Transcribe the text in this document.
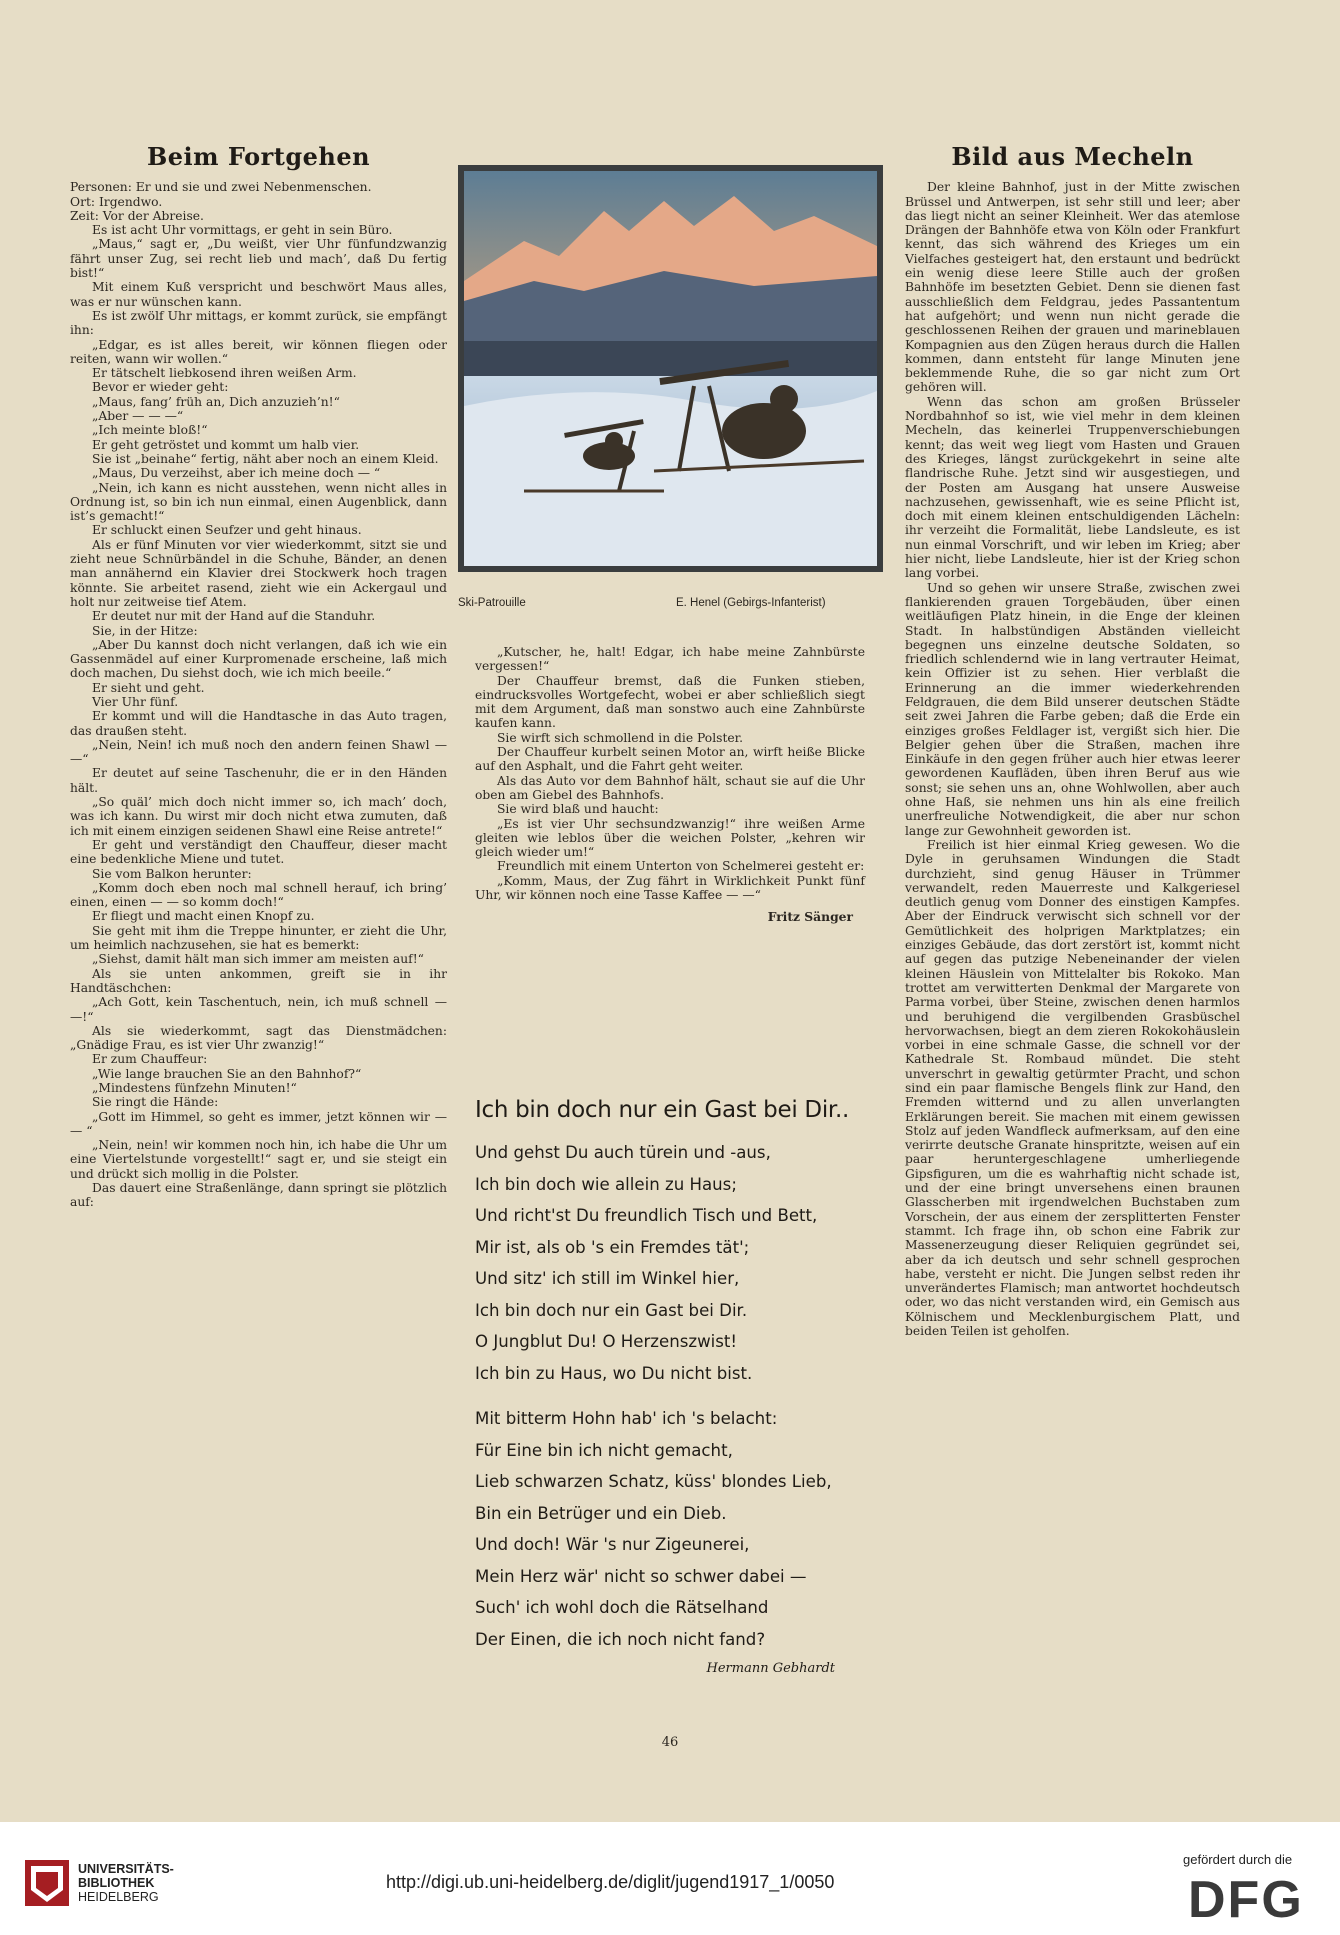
Beim Fortgehen

Personen: Er und sie und zwei Nebenmenschen.

Ort: Irgendwo.

Zeit: Vor der Abreise.

Es ist acht Uhr vormittags, er geht in sein Büro.

„Maus,“ sagt er, „Du weißt, vier Uhr fünfundzwanzig fährt unser Zug, sei recht lieb und mach’, daß Du fertig bist!“

Mit einem Kuß verspricht und beschwört Maus alles, was er nur wünschen kann.

Es ist zwölf Uhr mittags, er kommt zurück, sie empfängt ihn:

„Edgar, es ist alles bereit, wir können fliegen oder reiten, wann wir wollen.“

Er tätschelt liebkosend ihren weißen Arm.

Bevor er wieder geht:

„Maus, fang’ früh an, Dich anzuzieh’n!“

„Aber — — —“

„Ich meinte bloß!“

Er geht getröstet und kommt um halb vier.

Sie ist „beinahe“ fertig, näht aber noch an einem Kleid.

„Maus, Du verzeihst, aber ich meine doch — “

„Nein, ich kann es nicht ausstehen, wenn nicht alles in Ordnung ist, so bin ich nun einmal, einen Augenblick, dann ist’s gemacht!“

Er schluckt einen Seufzer und geht hinaus.

Als er fünf Minuten vor vier wiederkommt, sitzt sie und zieht neue Schnürbändel in die Schuhe, Bänder, an denen man annähernd ein Klavier drei Stockwerk hoch tragen könnte. Sie arbeitet rasend, zieht wie ein Ackergaul und holt nur zeitweise tief Atem.

Er deutet nur mit der Hand auf die Standuhr.

Sie, in der Hitze:

„Aber Du kannst doch nicht verlangen, daß ich wie ein Gassenmädel auf einer Kurpromenade erscheine, laß mich doch machen, Du siehst doch, wie ich mich beeile.“

Er sieht und geht.

Vier Uhr fünf.

Er kommt und will die Handtasche in das Auto tragen, das draußen steht.

„Nein, Nein! ich muß noch den andern feinen Shawl — —“

Er deutet auf seine Taschenuhr, die er in den Händen hält.

„So quäl’ mich doch nicht immer so, ich mach’ doch, was ich kann. Du wirst mir doch nicht etwa zumuten, daß ich mit einem einzigen seidenen Shawl eine Reise antrete!“

Er geht und verständigt den Chauffeur, dieser macht eine bedenkliche Miene und tutet.

Sie vom Balkon herunter:

„Komm doch eben noch mal schnell herauf, ich bring’ einen, einen — — so komm doch!“

Er fliegt und macht einen Knopf zu.

Sie geht mit ihm die Treppe hinunter, er zieht die Uhr, um heimlich nachzusehen, sie hat es bemerkt:

„Siehst, damit hält man sich immer am meisten auf!“

Als sie unten ankommen, greift sie in ihr Handtäschchen:

„Ach Gott, kein Taschentuch, nein, ich muß schnell — —!“

Als sie wiederkommt, sagt das Dienstmädchen: „Gnädige Frau, es ist vier Uhr zwanzig!“

Er zum Chauffeur:

„Wie lange brauchen Sie an den Bahnhof?“

„Mindestens fünfzehn Minuten!“

Sie ringt die Hände:

„Gott im Himmel, so geht es immer, jetzt können wir — — “

„Nein, nein! wir kommen noch hin, ich habe die Uhr um eine Viertelstunde vorgestellt!“ sagt er, und sie steigt ein und drückt sich mollig in die Polster.

Das dauert eine Straßenlänge, dann springt sie plötzlich auf:

Ski-Patrouille	E. Henel (Gebirgs-Infanterist)

„Kutscher, he, halt! Edgar, ich habe meine Zahnbürste vergessen!“

Der Chauffeur bremst, daß die Funken stieben, eindrucksvolles Wortgefecht, wobei er aber schließlich siegt mit dem Argument, daß man sonstwo auch eine Zahnbürste kaufen kann.

Sie wirft sich schmollend in die Polster.

Der Chauffeur kurbelt seinen Motor an, wirft heiße Blicke auf den Asphalt, und die Fahrt geht weiter.

Als das Auto vor dem Bahnhof hält, schaut sie auf die Uhr oben am Giebel des Bahnhofs.

Sie wird blaß und haucht:

„Es ist vier Uhr sechsundzwanzig!“ ihre weißen Arme gleiten wie leblos über die weichen Polster, „kehren wir gleich wieder um!“

Freundlich mit einem Unterton von Schelmerei gesteht er:

„Komm, Maus, der Zug fährt in Wirklichkeit Punkt fünf Uhr, wir können noch eine Tasse Kaffee — —“

Fritz Sänger
Ich bin doch nur ein Gast bei Dir..
Und gehst Du auch türein und -aus,
Ich bin doch wie allein zu Haus;
Und richt'st Du freundlich Tisch und Bett,
Mir ist, als ob 's ein Fremdes tät';
Und sitz' ich still im Winkel hier,
Ich bin doch nur ein Gast bei Dir.
O Jungblut Du! O Herzenszwist!
Ich bin zu Haus, wo Du nicht bist.
Mit bitterm Hohn hab' ich 's belacht:
Für Eine bin ich nicht gemacht,
Lieb schwarzen Schatz, küss' blondes Lieb,
Bin ein Betrüger und ein Dieb.
Und doch! Wär 's nur Zigeunerei,
Mein Herz wär' nicht so schwer dabei —
Such' ich wohl doch die Rätselhand
Der Einen, die ich noch nicht fand?
Hermann Gebhardt
Bild aus Mecheln

Der kleine Bahnhof, just in der Mitte zwischen Brüssel und Antwerpen, ist sehr still und leer; aber das liegt nicht an seiner Kleinheit. Wer das atemlose Drängen der Bahnhöfe etwa von Köln oder Frankfurt kennt, das sich während des Krieges um ein Vielfaches gesteigert hat, den erstaunt und bedrückt ein wenig diese leere Stille auch der großen Bahnhöfe im besetzten Gebiet. Denn sie dienen fast ausschließlich dem Feldgrau, jedes Passantentum hat aufgehört; und wenn nun nicht gerade die geschlossenen Reihen der grauen und marineblauen Kompagnien aus den Zügen heraus durch die Hallen kommen, dann entsteht für lange Minuten jene beklemmende Ruhe, die so gar nicht zum Ort gehören will.

Wenn das schon am großen Brüsseler Nordbahnhof so ist, wie viel mehr in dem kleinen Mecheln, das keinerlei Truppenverschiebungen kennt; das weit weg liegt vom Hasten und Grauen des Krieges, längst zurückgekehrt in seine alte flandrische Ruhe. Jetzt sind wir ausgestiegen, und der Posten am Ausgang hat unsere Ausweise nachzusehen, gewissenhaft, wie es seine Pflicht ist, doch mit einem kleinen entschuldigenden Lächeln: ihr verzeiht die Formalität, liebe Landsleute, es ist nun einmal Vorschrift, und wir leben im Krieg; aber hier nicht, liebe Landsleute, hier ist der Krieg schon lang vorbei.

Und so gehen wir unsere Straße, zwischen zwei flankierenden grauen Torgebäuden, über einen weitläufigen Platz hinein, in die Enge der kleinen Stadt. In halbstündigen Abständen vielleicht begegnen uns einzelne deutsche Soldaten, so friedlich schlendernd wie in lang vertrauter Heimat, kein Offizier ist zu sehen. Hier verblaßt die Erinnerung an die immer wiederkehrenden Feldgrauen, die dem Bild unserer deutschen Städte seit zwei Jahren die Farbe geben; daß die Erde ein einziges großes Feldlager ist, vergißt sich hier. Die Belgier gehen über die Straßen, machen ihre Einkäufe in den gegen früher auch hier etwas leerer gewordenen Kaufläden, üben ihren Beruf aus wie sonst; sie sehen uns an, ohne Wohlwollen, aber auch ohne Haß, sie nehmen uns hin als eine freilich unerfreuliche Notwendigkeit, die aber nur schon lange zur Gewohnheit geworden ist.

Freilich ist hier einmal Krieg gewesen. Wo die Dyle in geruhsamen Windungen die Stadt durchzieht, sind genug Häuser in Trümmer verwandelt, reden Mauerreste und Kalkgeriesel deutlich genug vom Donner des einstigen Kampfes. Aber der Eindruck verwischt sich schnell vor der Gemütlichkeit des holprigen Marktplatzes; ein einziges Gebäude, das dort zerstört ist, kommt nicht auf gegen das putzige Nebeneinander der vielen kleinen Häuslein von Mittelalter bis Rokoko. Man trottet am verwitterten Denkmal der Margarete von Parma vorbei, über Steine, zwischen denen harmlos und beruhigend die vergilbenden Grasbüschel hervorwachsen, biegt an dem zieren Rokokohäuslein vorbei in eine schmale Gasse, die schnell vor der Kathedrale St. Rombaud mündet. Die steht unverschrt in gewaltig getürmter Pracht, und schon sind ein paar flamische Bengels flink zur Hand, den Fremden witternd und zu allen unverlangten Erklärungen bereit. Sie machen mit einem gewissen Stolz auf jeden Wandfleck aufmerksam, auf den eine verirrte deutsche Granate hinspritzte, weisen auf ein paar heruntergeschlagene umherliegende Gipsfiguren, um die es wahrhaftig nicht schade ist, und der eine bringt unversehens einen braunen Glasscherben mit irgendwelchen Buchstaben zum Vorschein, der aus einem der zersplitterten Fenster stammt. Ich frage ihn, ob schon eine Fabrik zur Massenerzeugung dieser Reliquien gegründet sei, aber da ich deutsch und sehr schnell gesprochen habe, versteht er nicht. Die Jungen selbst reden ihr unverändertes Flamisch; man antwortet hochdeutsch oder, wo das nicht verstanden wird, ein Gemisch aus Kölnischem und Mecklenburgischem Platt, und beiden Teilen ist geholfen.

46
UNIVERSITÄTS-
BIBLIOTHEK
HEIDELBERG
http://digi.ub.uni-heidelberg.de/diglit/jugend1917_1/0050
gefördert durch die
DFG
